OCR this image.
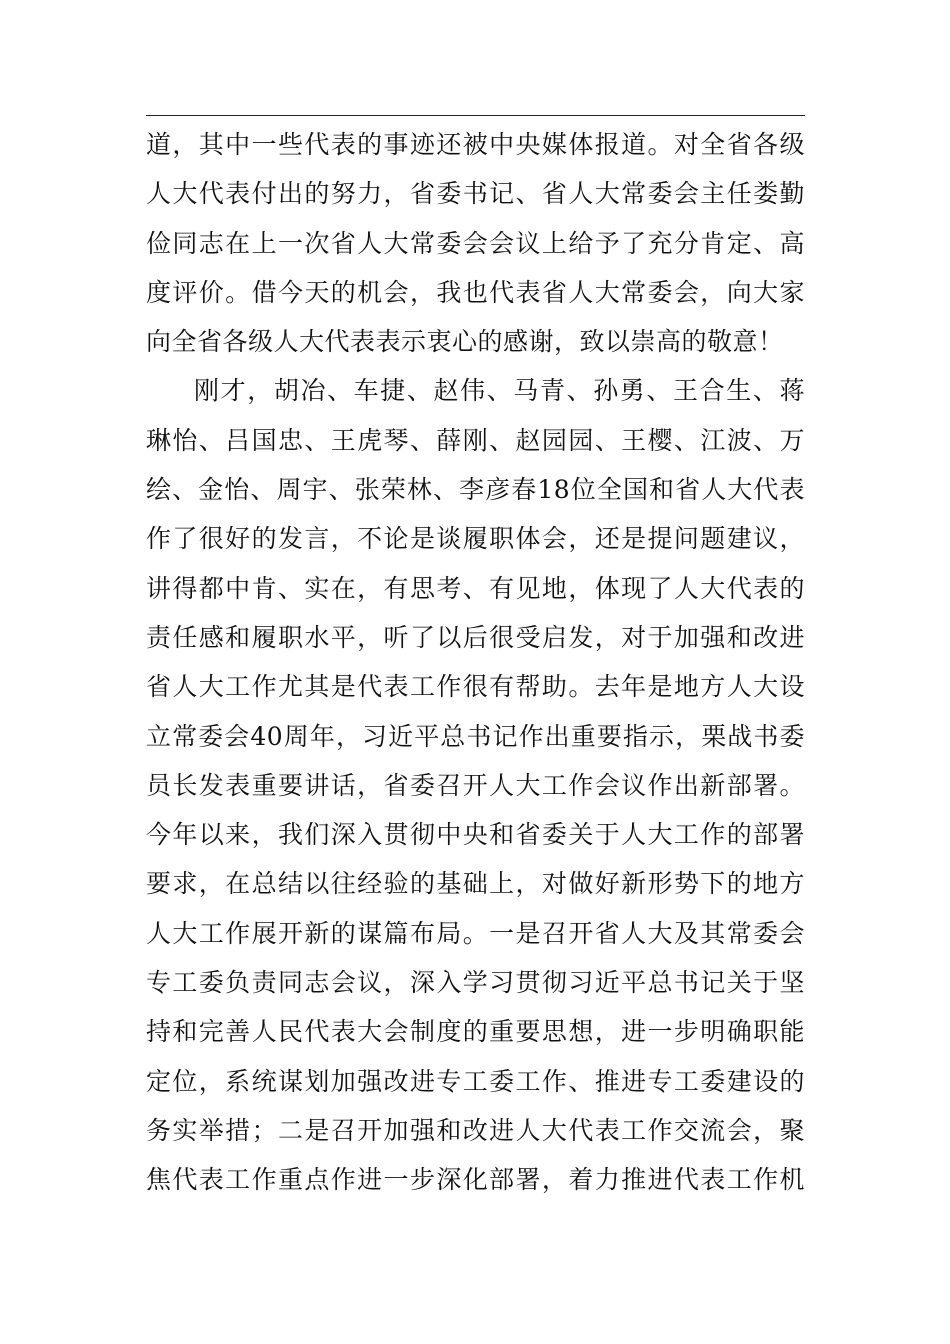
道，其中一些代表的事迹还被中央媒体报道。对全省各级
人大代表付出的努力，省委书记、省人大常委会主任娄勤
俭同志在上一次省人大常委会会议上给予了充分肯定、高
度评价。借今天的机会，我也代表省人大常委会，向大家
向全省各级人大代表表示衷心的感谢，致以崇高的敬意！
刚才，胡冶、车捷、赵伟、马青、孙勇、王合生、蒋
琳怡、吕国忠、王虎琴、薛刚、赵园园、王樱、江波、万
绘、金怡、周宇、张荣林、李彦春18位全国和省人大代表
作了很好的发言，不论是谈履职体会，还是提问题建议，
讲得都中肯、实在，有思考、有见地，体现了人大代表的
责任感和履职水平，听了以后很受启发，对于加强和改进
省人大工作尤其是代表工作很有帮助。去年是地方人大设
立常委会40周年，习近平总书记作出重要指示，栗战书委
员长发表重要讲话，省委召开人大工作会议作出新部署。
今年以来，我们深入贯彻中央和省委关于人大工作的部署
要求，在总结以往经验的基础上，对做好新形势下的地方
人大工作展开新的谋篇布局。一是召开省人大及其常委会
专工委负责同志会议，深入学习贯彻习近平总书记关于坚
持和完善人民代表大会制度的重要思想，进一步明确职能
定位，系统谋划加强改进专工委工作、推进专工委建设的
务实举措；二是召开加强和改进人大代表工作交流会，聚
焦代表工作重点作进一步深化部署，着力推进代表工作机
